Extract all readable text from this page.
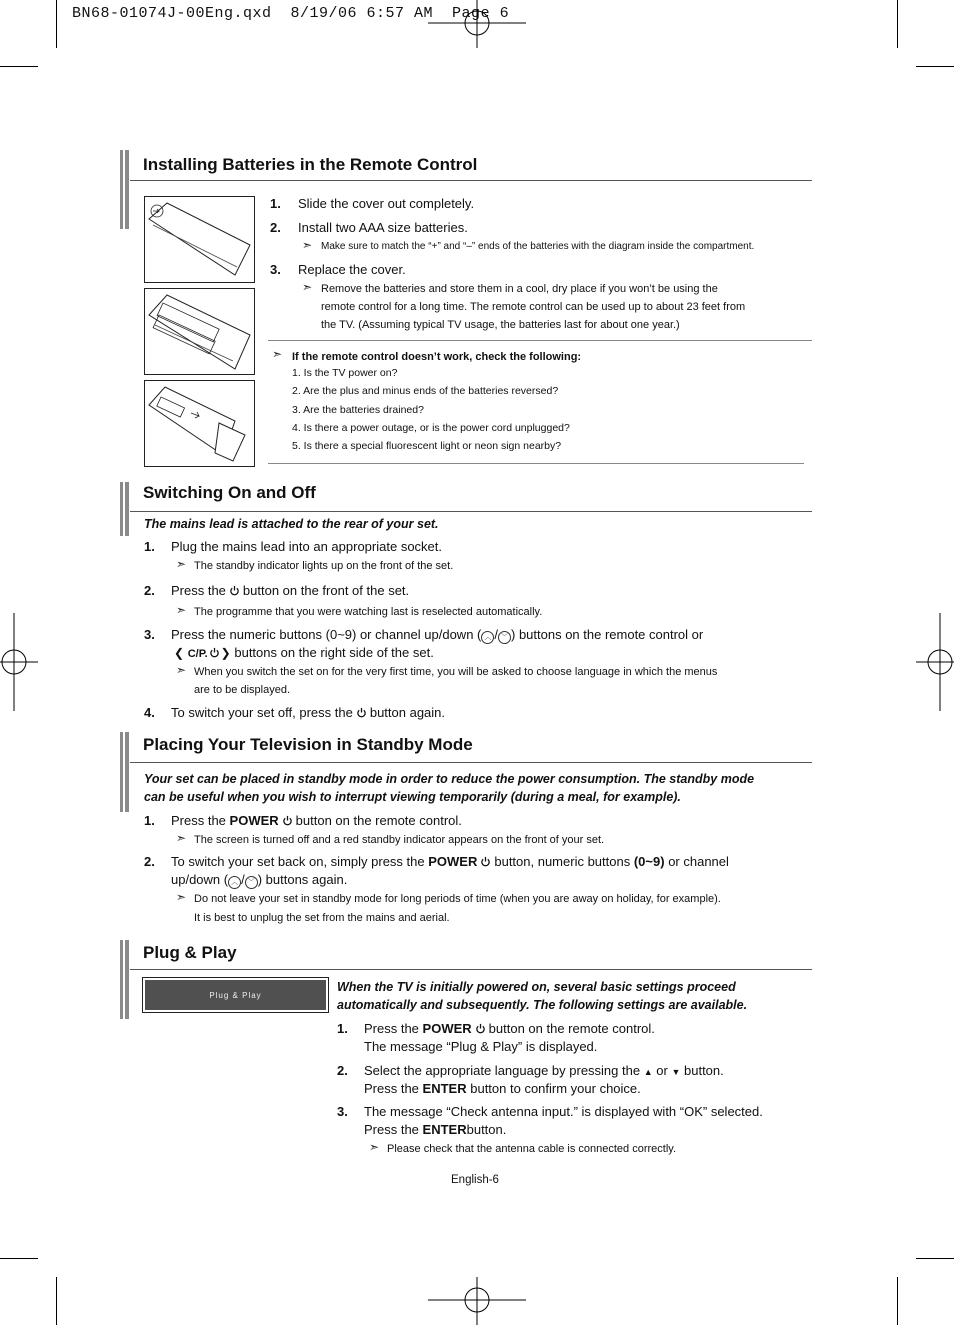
BN68-01074J-00Eng.qxd  8/19/06 6:57 AM  Page 6
Installing Batteries in the Remote Control
1. Slide the cover out completely.
2. Install two AAA size batteries.
➣ Make sure to match the “+” and “–” ends of the batteries with the diagram inside the compartment.
3. Replace the cover.
➣ Remove the batteries and store them in a cool, dry place if you won’t be using the
remote control for a long time. The remote control can be used up to about 23 feet from
the TV. (Assuming typical TV usage, the batteries last for about one year.)
➣ If the remote control doesn’t work, check the following:
1. Is the TV power on?
2. Are the plus and minus ends of the batteries reversed?
3. Are the batteries drained?
4. Is there a power outage, or is the power cord unplugged?
5. Is there a special fluorescent light or neon sign nearby?
Switching On and Off
The mains lead is attached to the rear of your set.
1. Plug the mains lead into an appropriate socket.
➣ The standby indicator lights up on the front of the set.
2. Press the button on the front of the set.
➣ The programme that you were watching last is reselected automatically.
3. Press the numeric buttons (0~9) or channel up/down ( ︿ / ﹀ ) buttons on the remote control or
❮ C/P. ❯ buttons on the right side of the set.
➣ When you switch the set on for the very first time, you will be asked to choose language in which the menus
are to be displayed.
4. To switch your set off, press the button again.
Placing Your Television in Standby Mode
Your set can be placed in standby mode in order to reduce the power consumption. The standby mode
can be useful when you wish to interrupt viewing temporarily (during a meal, for example).
1. Press the POWER button on the remote control.
➣ The screen is turned off and a red standby indicator appears on the front of your set.
2. To switch your set back on, simply press the POWER button, numeric buttons (0~9) or channel
up/down ( ︿ / ﹀ ) buttons again.
➣ Do not leave your set in standby mode for long periods of time (when you are away on holiday, for example).
It is best to unplug the set from the mains and aerial.
Plug & Play
Plug & Play
When the TV is initially powered on, several basic settings proceed
automatically and subsequently. The following settings are available.
1. Press the POWER button on the remote control.
The message “Plug & Play” is displayed.
2. Select the appropriate language by pressing the ▲ or ▼ button.
Press the ENTER button to confirm your choice.
3. The message “Check antenna input.” is displayed with “OK” selected.
Press the ENTERbutton.
➣ Please check that the antenna cable is connected correctly.
English-6
